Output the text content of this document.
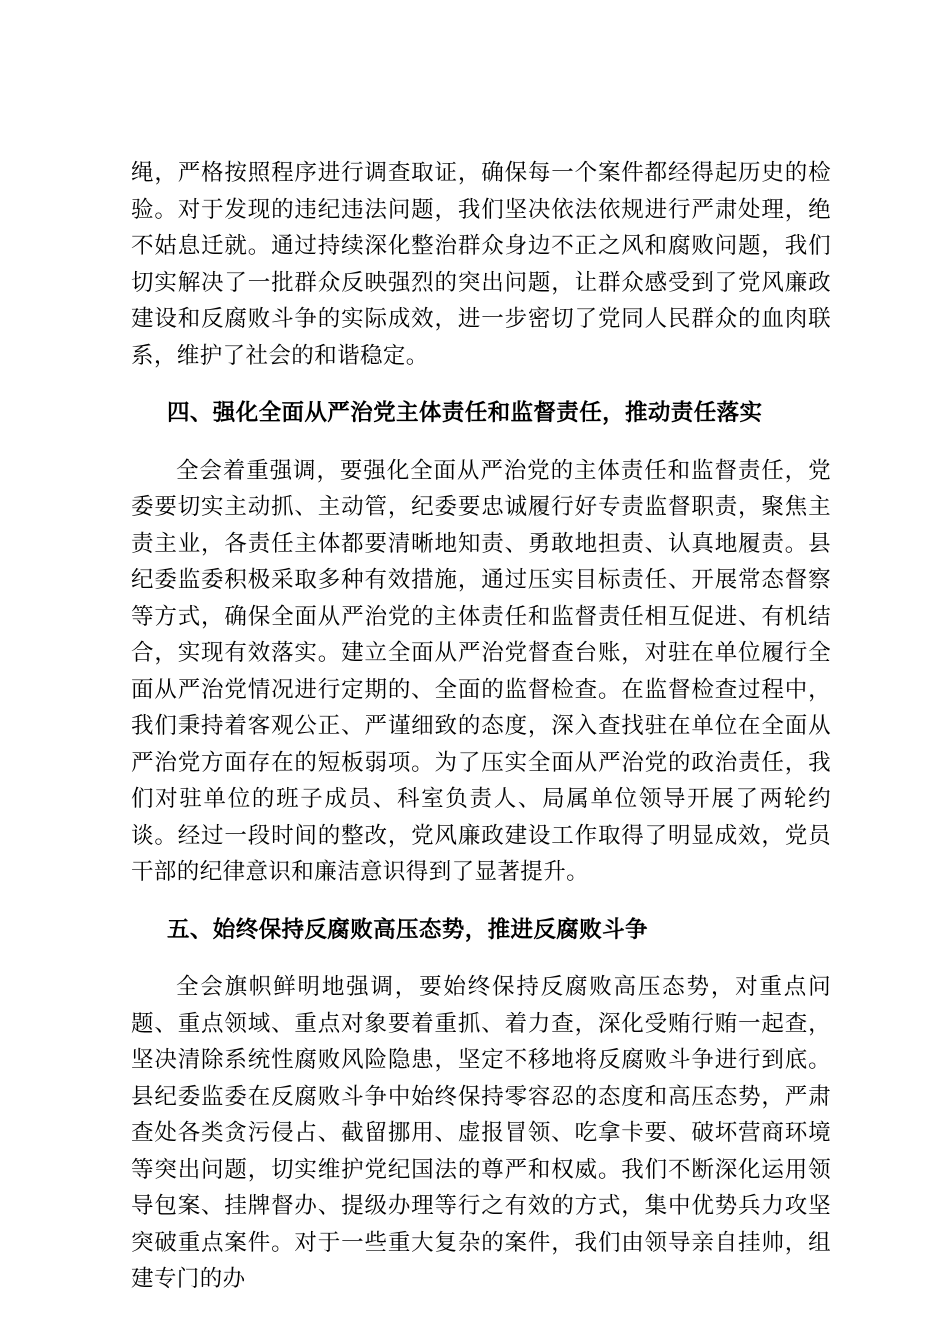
绳，严格按照程序进行调查取证，确保每一个案件都经得起历史的检验。对于发现的违纪违法问题，我们坚决依法依规进行严肃处理，绝不姑息迁就。通过持续深化整治群众身边不正之风和腐败问题，我们切实解决了一批群众反映强烈的突出问题，让群众感受到了党风廉政建设和反腐败斗争的实际成效，进一步密切了党同人民群众的血肉联系，维护了社会的和谐稳定。

四、强化全面从严治党主体责任和监督责任，推动责任落实

全会着重强调，要强化全面从严治党的主体责任和监督责任，党委要切实主动抓、主动管，纪委要忠诚履行好专责监督职责，聚焦主责主业，各责任主体都要清晰地知责、勇敢地担责、认真地履责。县纪委监委积极采取多种有效措施，通过压实目标责任、开展常态督察等方式，确保全面从严治党的主体责任和监督责任相互促进、有机结合，实现有效落实。建立全面从严治党督查台账，对驻在单位履行全面从严治党情况进行定期的、全面的监督检查。在监督检查过程中，我们秉持着客观公正、严谨细致的态度，深入查找驻在单位在全面从严治党方面存在的短板弱项。为了压实全面从严治党的政治责任，我们对驻单位的班子成员、科室负责人、局属单位领导开展了两轮约谈。经过一段时间的整改，党风廉政建设工作取得了明显成效，党员干部的纪律意识和廉洁意识得到了显著提升。

五、始终保持反腐败高压态势，推进反腐败斗争

全会旗帜鲜明地强调，要始终保持反腐败高压态势，对重点问题、重点领域、重点对象要着重抓、着力查，深化受贿行贿一起查，坚决清除系统性腐败风险隐患，坚定不移地将反腐败斗争进行到底。县纪委监委在反腐败斗争中始终保持零容忍的态度和高压态势，严肃查处各类贪污侵占、截留挪用、虚报冒领、吃拿卡要、破坏营商环境等突出问题，切实维护党纪国法的尊严和权威。我们不断深化运用领导包案、挂牌督办、提级办理等行之有效的方式，集中优势兵力攻坚突破重点案件。对于一些重大复杂的案件，我们由领导亲自挂帅，组建专门的办
